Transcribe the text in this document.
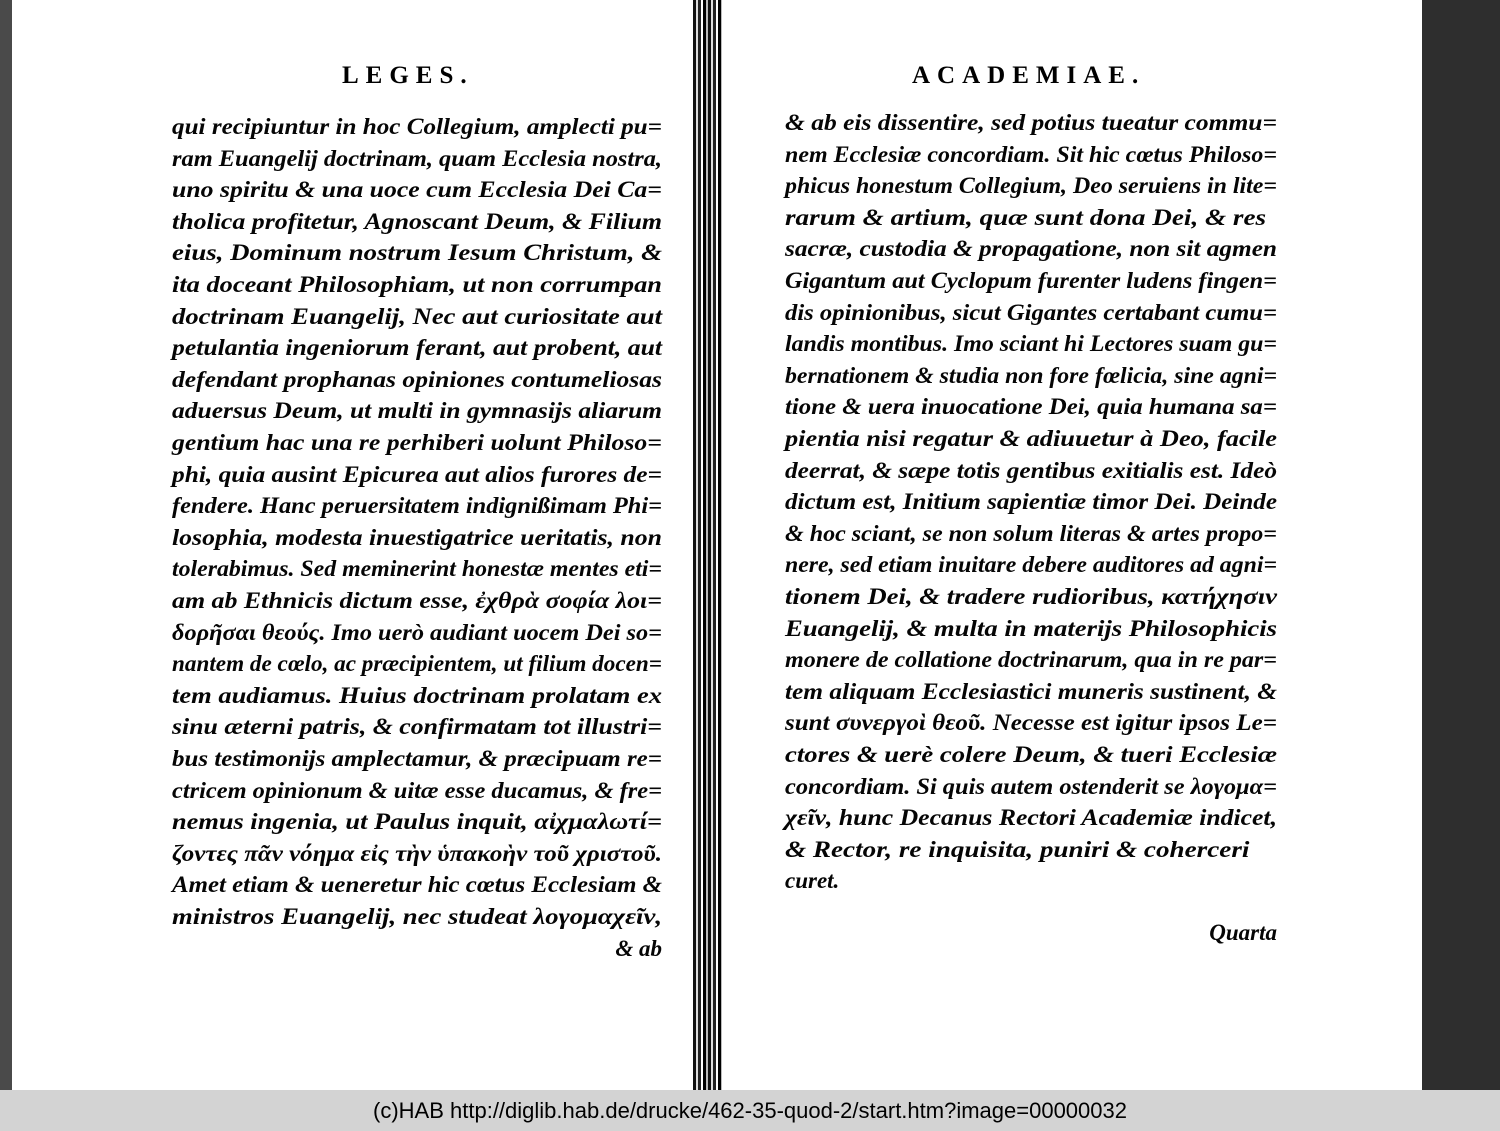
LEGES.

qui recipiuntur in hoc Collegium, amplecti pu=

ram Euangelij doctrinam, quam Ecclesia nostra,

uno spiritu & una uoce cum Ecclesia Dei Ca=

tholica profitetur, Agnoscant Deum, & Filium

eius, Dominum nostrum Iesum Christum, &

ita doceant Philosophiam, ut non corrumpan

doctrinam Euangelij, Nec aut curiositate aut

petulantia ingeniorum ferant, aut probent, aut

defendant prophanas opiniones contumeliosas

aduersus Deum, ut multi in gymnasijs aliarum

gentium hac una re perhiberi uolunt Philoso=

phi, quia ausint Epicurea aut alios furores de=

fendere. Hanc peruersitatem indignißimam Phi=

losophia, modesta inuestigatrice ueritatis, non

tolerabimus. Sed meminerint honestæ mentes eti=

am ab Ethnicis dictum esse, ἐχθρὰ σοφία λοι=

δορῆσαι θεούς. Imo uerò audiant uocem Dei so=

nantem de cœlo, ac præcipientem, ut filium docen=

tem audiamus. Huius doctrinam prolatam ex

sinu æterni patris, & confirmatam tot illustri=

bus testimonijs amplectamur, & præcipuam re=

ctricem opinionum & uitæ esse ducamus, & fre=

nemus ingenia, ut Paulus inquit, αἰχμαλωτί=

ζοντες πᾶν νόημα εἰς τὴν ὑπακοὴν τοῦ χριστοῦ.

Amet etiam & ueneretur hic cœtus Ecclesiam &

ministros Euangelij, nec studeat λογομαχεῖν,

& ab

ACADEMIAE.

& ab eis dissentire, sed potius tueatur commu=

nem Ecclesiæ concordiam. Sit hic cœtus Philoso=

phicus honestum Collegium, Deo seruiens in lite=

rarum & artium, quæ sunt dona Dei, & res

sacræ, custodia & propagatione, non sit agmen

Gigantum aut Cyclopum furenter ludens fingen=

dis opinionibus, sicut Gigantes certabant cumu=

landis montibus. Imo sciant hi Lectores suam gu=

bernationem & studia non fore fœlicia, sine agni=

tione & uera inuocatione Dei, quia humana sa=

pientia nisi regatur & adiuuetur à Deo, facile

deerrat, & sæpe totis gentibus exitialis est. Ideò

dictum est, Initium sapientiæ timor Dei. Deinde

& hoc sciant, se non solum literas & artes propo=

nere, sed etiam inuitare debere auditores ad agni=

tionem Dei, & tradere rudioribus, κατήχησιν

Euangelij, & multa in materijs Philosophicis

monere de collatione doctrinarum, qua in re par=

tem aliquam Ecclesiastici muneris sustinent, &

sunt συνεργοὶ θεοῦ. Necesse est igitur ipsos Le=

ctores & uerè colere Deum, & tueri Ecclesiæ

concordiam. Si quis autem ostenderit se λογομα=

χεῖν, hunc Decanus Rectori Academiæ indicet,

& Rector, re inquisita, puniri & coherceri

curet.

Quarta

(c)HAB http://diglib.hab.de/drucke/462-35-quod-2/start.htm?image=00000032
